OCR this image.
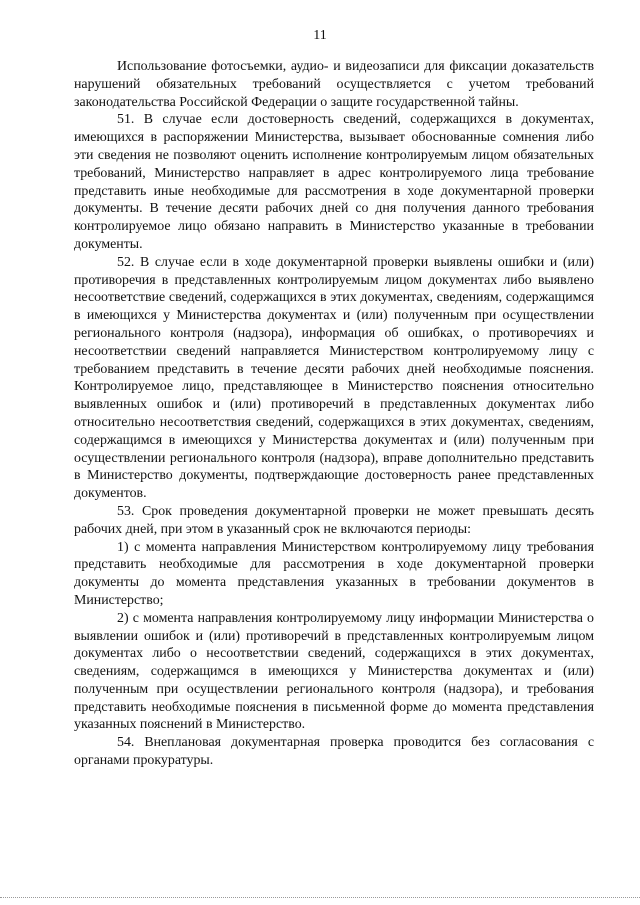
11

Использование фотосъемки, аудио- и видеозаписи для фиксации доказательств нарушений обязательных требований осуществляется с учетом требований законодательства Российской Федерации о защите государственной тайны.

51. В случае если достоверность сведений, содержащихся в документах, имеющихся в распоряжении Министерства, вызывает обоснованные сомнения либо эти сведения не позволяют оценить исполнение контролируемым лицом обязательных требований, Министерство направляет в адрес контролируемого лица требование представить иные необходимые для рассмотрения в ходе документарной проверки документы. В течение десяти рабочих дней со дня получения данного требования контролируемое лицо обязано направить в Министерство указанные в требовании документы.

52. В случае если в ходе документарной проверки выявлены ошибки и (или) противоречия в представленных контролируемым лицом документах либо выявлено несоответствие сведений, содержащихся в этих документах, сведениям, содержащимся в имеющихся у Министерства документах и (или) полученным при осуществлении регионального контроля (надзора), информация об ошибках, о противоречиях и несоответствии сведений направляется Министерством контролируемому лицу с требованием представить в течение десяти рабочих дней необходимые пояснения. Контролируемое лицо, представляющее в Министерство пояснения относительно выявленных ошибок и (или) противоречий в представленных документах либо относительно несоответствия сведений, содержащихся в этих документах, сведениям, содержащимся в имеющихся у Министерства документах и (или) полученным при осуществлении регионального контроля (надзора), вправе дополнительно представить в Министерство документы, подтверждающие достоверность ранее представленных документов.

53. Срок проведения документарной проверки не может превышать десять рабочих дней, при этом в указанный срок не включаются периоды:

1) с момента направления Министерством контролируемому лицу требования представить необходимые для рассмотрения в ходе документарной проверки документы до момента представления указанных в требовании документов в Министерство;

2) с момента направления контролируемому лицу информации Министерства о выявлении ошибок и (или) противоречий в представленных контролируемым лицом документах либо о несоответствии сведений, содержащихся в этих документах, сведениям, содержащимся в имеющихся у Министерства документах и (или) полученным при осуществлении регионального контроля (надзора), и требования представить необходимые пояснения в письменной форме до момента представления указанных пояснений в Министерство.

54. Внеплановая документарная проверка проводится без согласования с органами прокуратуры.
